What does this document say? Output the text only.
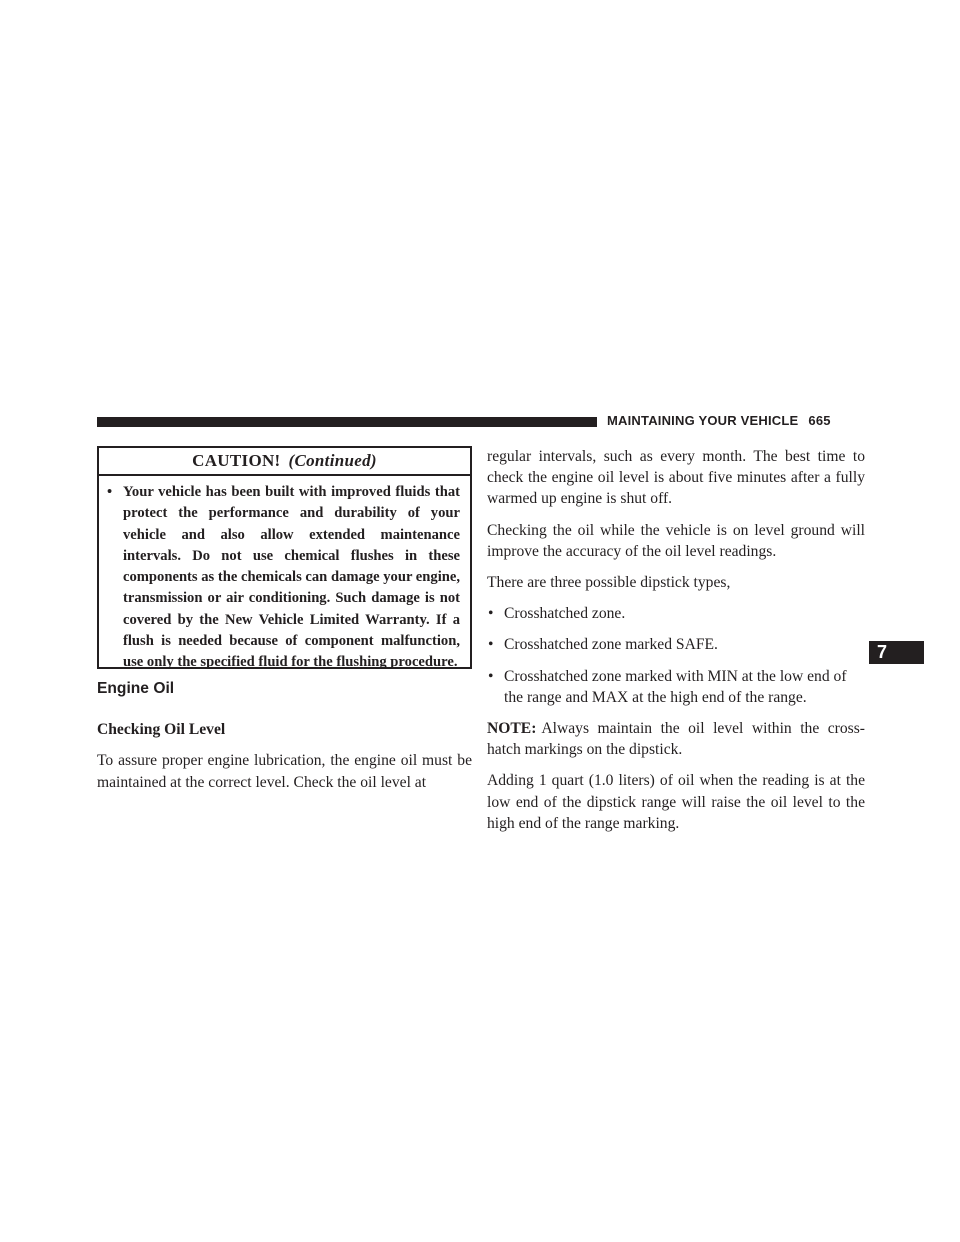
MAINTAINING YOUR VEHICLE 665
7
CAUTION! (Continued)
• Your vehicle has been built with improved fluids that protect the performance and durability of your vehicle and also allow extended maintenance intervals. Do not use chemical flushes in these components as the chemicals can damage your engine, transmission or air conditioning. Such damage is not covered by the New Vehicle Limited Warranty. If a flush is needed because of component malfunction, use only the specified fluid for the flushing procedure.
Engine Oil
Checking Oil Level

To assure proper engine lubrication, the engine oil must be maintained at the correct level. Check the oil level at

regular intervals, such as every month. The best time to check the engine oil level is about five minutes after a fully warmed up engine is shut off.

Checking the oil while the vehicle is on level ground will improve the accuracy of the oil level readings.

There are three possible dipstick types,

• Crosshatched zone.
• Crosshatched zone marked SAFE.
• Crosshatched zone marked with MIN at the low end of the range and MAX at the high end of the range.

NOTE: Always maintain the oil level within the cross-hatch markings on the dipstick.

Adding 1 quart (1.0 liters) of oil when the reading is at the low end of the dipstick range will raise the oil level to the high end of the range marking.
